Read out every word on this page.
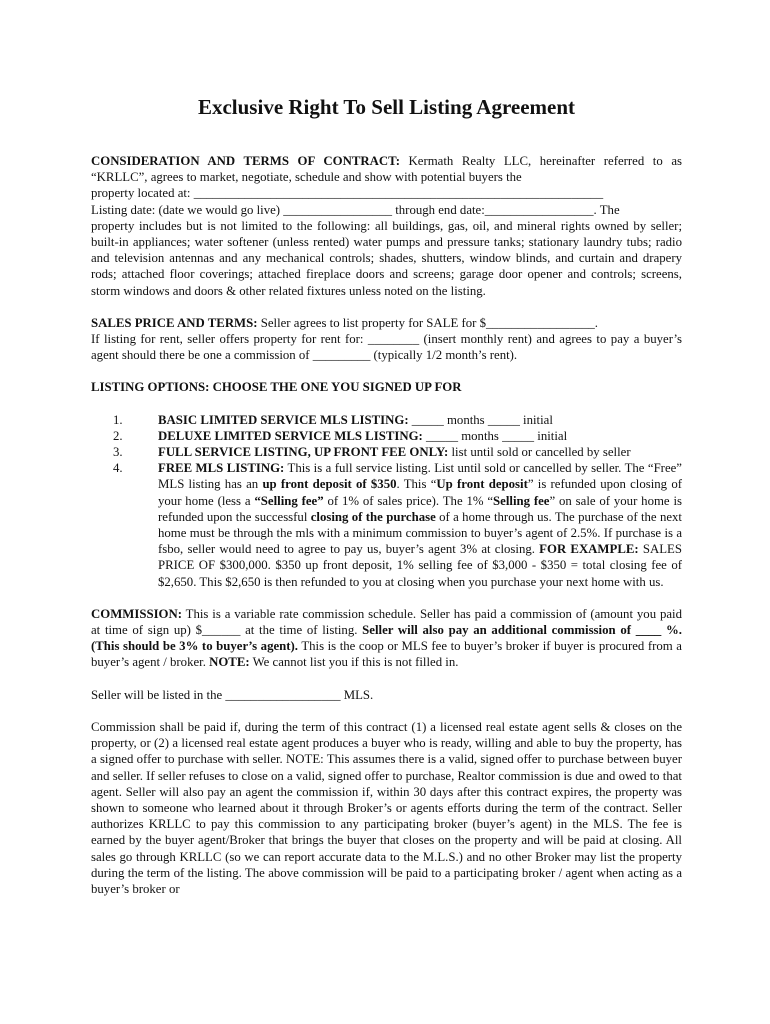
Exclusive Right To Sell Listing Agreement

CONSIDERATION AND TERMS OF CONTRACT: Kermath Realty LLC, hereinafter referred to as “KRLLC”, agrees to market, negotiate, schedule and show with potential buyers the
property located at: ________________________________________________________________
Listing date: (date we would go live) _________________ through end date:_________________. The
property includes but is not limited to the following: all buildings, gas, oil, and mineral rights owned by seller; built-in appliances; water softener (unless rented) water pumps and pressure tanks; stationary laundry tubs; radio and television antennas and any mechanical controls; shades, shutters, window blinds, and curtain and drapery rods; attached floor coverings; attached fireplace doors and screens; garage door opener and controls; screens, storm windows and doors & other related fixtures unless noted on the listing.

SALES PRICE AND TERMS: Seller agrees to list property for SALE for $_________________.
If listing for rent, seller offers property for rent for: ________ (insert monthly rent) and agrees to pay a buyer’s agent should there be one a commission of _________ (typically 1/2 month’s rent).

LISTING OPTIONS: CHOOSE THE ONE YOU SIGNED UP FOR

1.	BASIC LIMITED SERVICE MLS LISTING: _____ months _____ initial
2.	DELUXE LIMITED SERVICE MLS LISTING: _____ months _____ initial
3.	FULL SERVICE LISTING, UP FRONT FEE ONLY: list until sold or cancelled by seller
4.	FREE MLS LISTING: This is a full service listing. List until sold or cancelled by seller. The “Free” MLS listing has an up front deposit of $350. This “Up front deposit” is refunded upon closing of your home (less a “Selling fee” of 1% of sales price). The 1% “Selling fee” on sale of your home is refunded upon the successful closing of the purchase of a home through us. The purchase of the next home must be through the mls with a minimum commission to buyer’s agent of 2.5%. If purchase is a fsbo, seller would need to agree to pay us, buyer’s agent 3% at closing. FOR EXAMPLE: SALES PRICE OF $300,000. $350 up front deposit, 1% selling fee of $3,000 - $350 = total closing fee of $2,650. This $2,650 is then refunded to you at closing when you purchase your next home with us.

COMMISSION: This is a variable rate commission schedule. Seller has paid a commission of (amount you paid at time of sign up) $______ at the time of listing. Seller will also pay an additional commission of ____ %. (This should be 3% to buyer’s agent). This is the coop or MLS fee to buyer’s broker if buyer is procured from a buyer’s agent / broker. NOTE: We cannot list you if this is not filled in.

Seller will be listed in the __________________ MLS.

Commission shall be paid if, during the term of this contract (1) a licensed real estate agent sells & closes on the property, or (2) a licensed real estate agent produces a buyer who is ready, willing and able to buy the property, has a signed offer to purchase with seller. NOTE: This assumes there is a valid, signed offer to purchase between buyer and seller. If seller refuses to close on a valid, signed offer to purchase, Realtor commission is due and owed to that agent. Seller will also pay an agent the commission if, within 30 days after this contract expires, the property was shown to someone who learned about it through Broker’s or agents efforts during the term of the contract. Seller authorizes KRLLC to pay this commission to any participating broker (buyer’s agent) in the MLS. The fee is earned by the buyer agent/Broker that brings the buyer that closes on the property and will be paid at closing. All sales go through KRLLC (so we can report accurate data to the M.L.S.) and no other Broker may list the property during the term of the listing. The above commission will be paid to a participating broker / agent when acting as a buyer’s broker or
